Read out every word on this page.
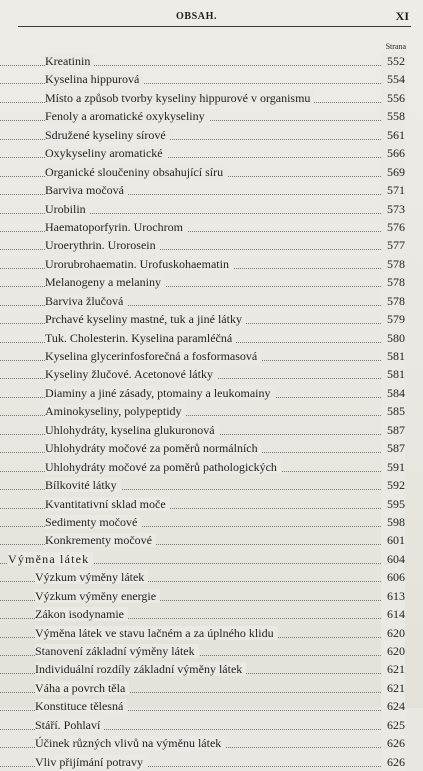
OBSAH.	XI
Strana
Kreatinin	552
Kyselina hippurová	554
Místo a způsob tvorby kyseliny hippurové v organismu	556
Fenoly a aromatické oxykyseliny	558
Sdružené kyseliny sírové	561
Oxykyseliny aromatické	566
Organické sloučeniny obsahující síru	569
Barviva močová	571
Urobilin	573
Haematoporfyrin. Urochrom	576
Uroerythrin. Urorosein	577
Urorubrohaematin. Urofuskohaematin	578
Melanogeny a melaniny	578
Barviva žlučová	578
Prchavé kyseliny mastné, tuk a jiné látky	579
Tuk. Cholesterin. Kyselina paramléčná	580
Kyselina glycerinfosforečná a fosformasová	581
Kyseliny žlučové. Acetonové látky	581
Diaminy a jiné zásady, ptomainy a leukomainy	584
Aminokyseliny, polypeptidy	585
Uhlohydráty, kyselina glukuronová	587
Uhlohydráty močové za poměrů normálních	587
Uhlohydráty močové za poměrů pathologických	591
Bílkovité látky	592
Kvantitativní sklad moče	595
Sedimenty močové	598
Konkrementy močové	601
Výměna látek	604
Výzkum výměny látek	606
Výzkum výměny energie	613
Zákon isodynamie	614
Výměna látek ve stavu lačném a za úplného klidu	620
Stanovení základní výměny látek	620
Individuální rozdíly základní výměny látek	621
Váha a povrch těla	621
Konstituce tělesná	624
Stáří. Pohlaví	625
Účinek různých vlivů na výměnu látek	626
Vliv přijímání potravy	626
